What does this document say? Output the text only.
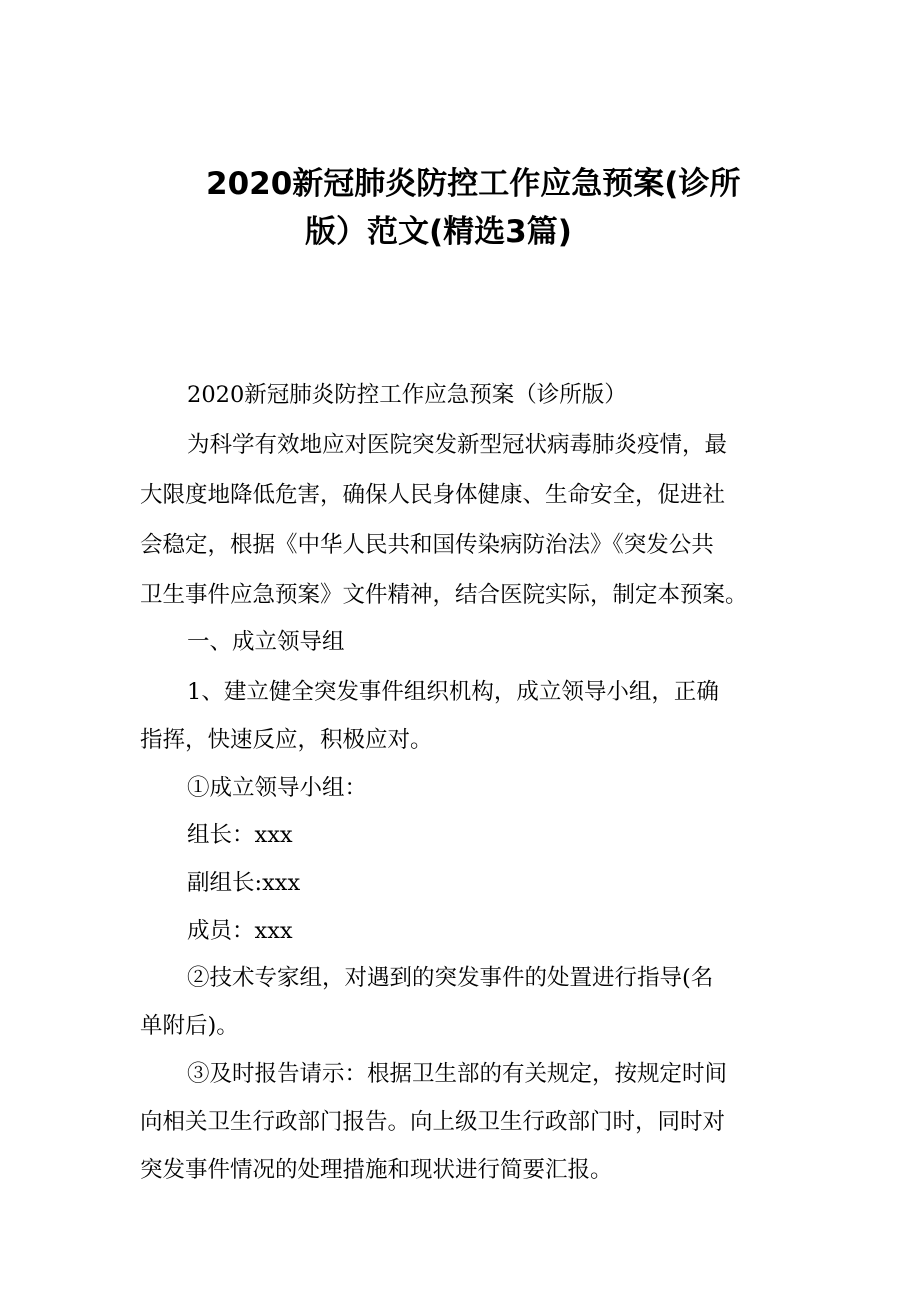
2020新冠肺炎防控工作应急预案(诊所
版）范文(精选3篇)
2020新冠肺炎防控工作应急预案（诊所版）
为科学有效地应对医院突发新型冠状病毒肺炎疫情，最
大限度地降低危害，确保人民身体健康、生命安全，促进社
会稳定，根据《中华人民共和国传染病防治法》《突发公共
卫生事件应急预案》文件精神，结合医院实际，制定本预案。
一、成立领导组
1、建立健全突发事件组织机构，成立领导小组，正确
指挥，快速反应，积极应对。
①成立领导小组：
组长：xxx
副组长:xxx
成员：xxx
②技术专家组，对遇到的突发事件的处置进行指导(名
单附后)。
③及时报告请示：根据卫生部的有关规定，按规定时间
向相关卫生行政部门报告。向上级卫生行政部门时，同时对
突发事件情况的处理措施和现状进行简要汇报。
